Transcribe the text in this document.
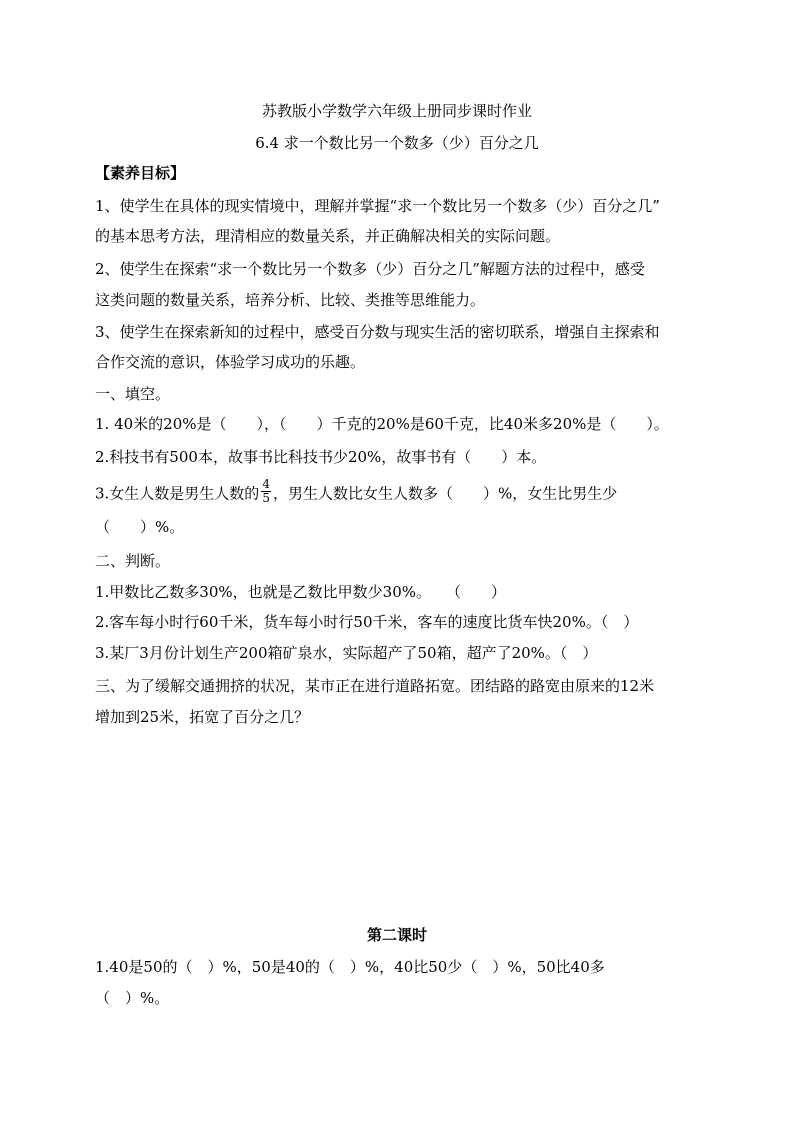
苏教版小学数学六年级上册同步课时作业
6.4 求一个数比另一个数多（少）百分之几
【素养目标】
1、使学生在具体的现实情境中，理解并掌握“求一个数比另一个数多（少）百分之几”
的基本思考方法，理清相应的数量关系，并正确解决相关的实际问题。
2、使学生在探索“求一个数比另一个数多（少）百分之几”解题方法的过程中，感受
这类问题的数量关系，培养分析、比较、类推等思维能力。
3、使学生在探索新知的过程中，感受百分数与现实生活的密切联系，增强自主探索和
合作交流的意识，体验学习成功的乐趣。
一、填空。
1. 40米的20%是（　　），（　　）千克的20%是60千克，比40米多20%是（　　）。
2.科技书有500本，故事书比科技书少20%，故事书有（　　）本。
3.女生人数是男生人数的 $\frac{4}{5}$ ，男生人数比女生人数多（　　）%，女生比男生少
（　　）%。
二、判断。
1.甲数比乙数多30%，也就是乙数比甲数少30%。　　（　　）
2.客车每小时行60千米，货车每小时行50千米，客车的速度比货车快20%。（　）
3.某厂3月份计划生产200箱矿泉水，实际超产了50箱，超产了20%。（　）
三、为了缓解交通拥挤的状况，某市正在进行道路拓宽。团结路的路宽由原来的12米
增加到25米，拓宽了百分之几？
第二课时
1.40是50的（　）%，50是40的（　）%，40比50少（　）%，50比40多
（　）%。
